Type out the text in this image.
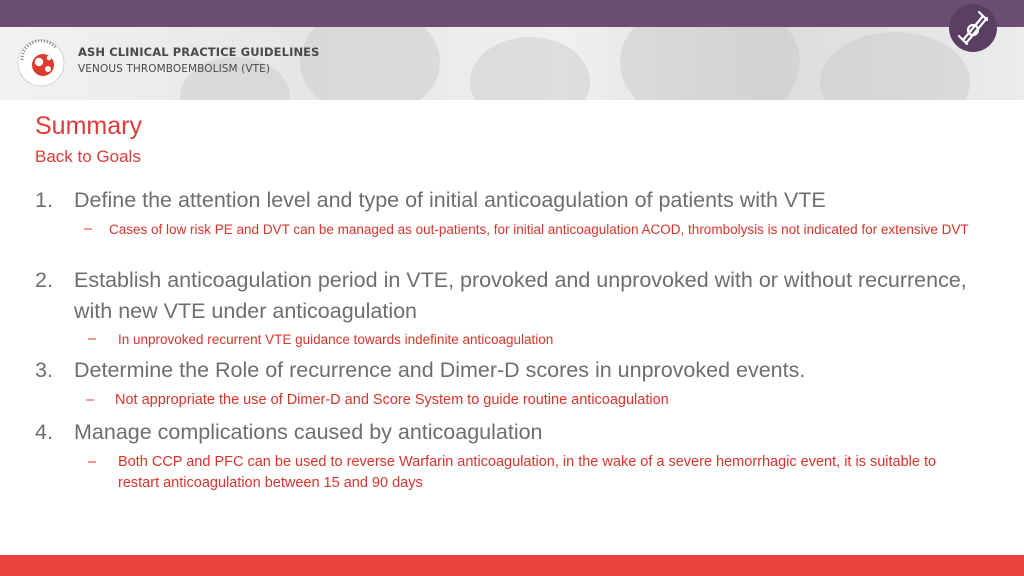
ASH CLINICAL PRACTICE GUIDELINES
VENOUS THROMBOEMBOLISM (VTE)
Summary
Back to Goals
1. Define the attention level and type of initial anticoagulation of patients with VTE
– Cases of low risk PE and DVT can be managed as out-patients, for initial anticoagulation ACOD, thrombolysis is not indicated for extensive DVT
2. Establish anticoagulation period in VTE, provoked and unprovoked with or without recurrence, with new VTE under anticoagulation
– In unprovoked recurrent VTE guidance towards indefinite anticoagulation
3. Determine the Role of recurrence and Dimer-D scores in unprovoked events.
– Not appropriate the use of Dimer-D and Score System to guide routine anticoagulation
4. Manage complications caused by anticoagulation
– Both CCP and PFC can be used to reverse Warfarin anticoagulation, in the wake of a severe hemorrhagic event, it is suitable to restart anticoagulation between 15 and 90 days
